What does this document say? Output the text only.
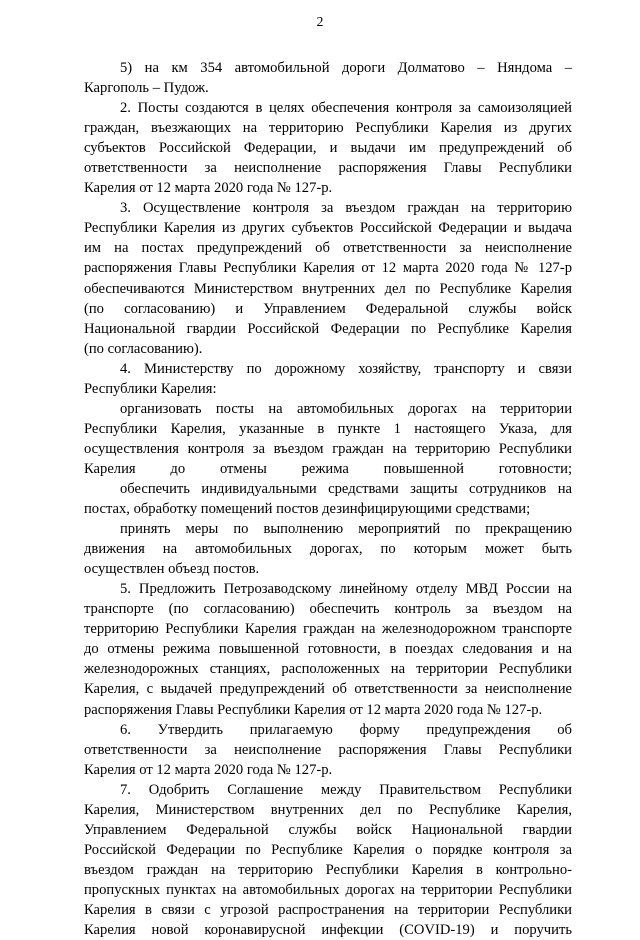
2
5) на км 354 автомобильной дороги Долматово – Няндома –
Каргополь – Пудож.
2. Посты создаются в целях обеспечения контроля за самоизоляцией
граждан, въезжающих на территорию Республики Карелия из других
субъектов Российской Федерации, и выдачи им предупреждений об
ответственности за неисполнение распоряжения Главы Республики
Карелия от 12 марта 2020 года № 127-р.
3. Осуществление контроля за въездом граждан на территорию
Республики Карелия из других субъектов Российской Федерации и выдача
им на постах предупреждений об ответственности за неисполнение
распоряжения Главы Республики Карелия от 12 марта 2020 года № 127-р
обеспечиваются Министерством внутренних дел по Республике Карелия
(по согласованию) и Управлением Федеральной службы войск
Национальной гвардии Российской Федерации по Республике Карелия
(по согласованию).
4. Министерству по дорожному хозяйству, транспорту и связи
Республики Карелия:
организовать посты на автомобильных дорогах на территории
Республики Карелия, указанные в пункте 1 настоящего Указа, для
осуществления контроля за въездом граждан на территорию Республики
Карелия до отмены режима повышенной готовности;
обеспечить индивидуальными средствами защиты сотрудников на
постах, обработку помещений постов дезинфицирующими средствами;
принять меры по выполнению мероприятий по прекращению
движения на автомобильных дорогах, по которым может быть
осуществлен объезд постов.
5. Предложить Петрозаводскому линейному отделу МВД России на
транспорте (по согласованию) обеспечить контроль за въездом на
территорию Республики Карелия граждан на железнодорожном транспорте
до отмены режима повышенной готовности, в поездах следования и на
железнодорожных станциях, расположенных на территории Республики
Карелия, с выдачей предупреждений об ответственности за неисполнение
распоряжения Главы Республики Карелия от 12 марта 2020 года № 127-р.
6. Утвердить прилагаемую форму предупреждения об
ответственности за неисполнение распоряжения Главы Республики
Карелия от 12 марта 2020 года № 127-р.
7. Одобрить Соглашение между Правительством Республики
Карелия, Министерством внутренних дел по Республике Карелия,
Управлением Федеральной службы войск Национальной гвардии
Российской Федерации по Республике Карелия о порядке контроля за
въездом граждан на территорию Республики Карелия в контрольно-
пропускных пунктах на автомобильных дорогах на территории Республики
Карелия в связи с угрозой распространения на территории Республики
Карелия новой коронавирусной инфекции (COVID-19) и поручить
